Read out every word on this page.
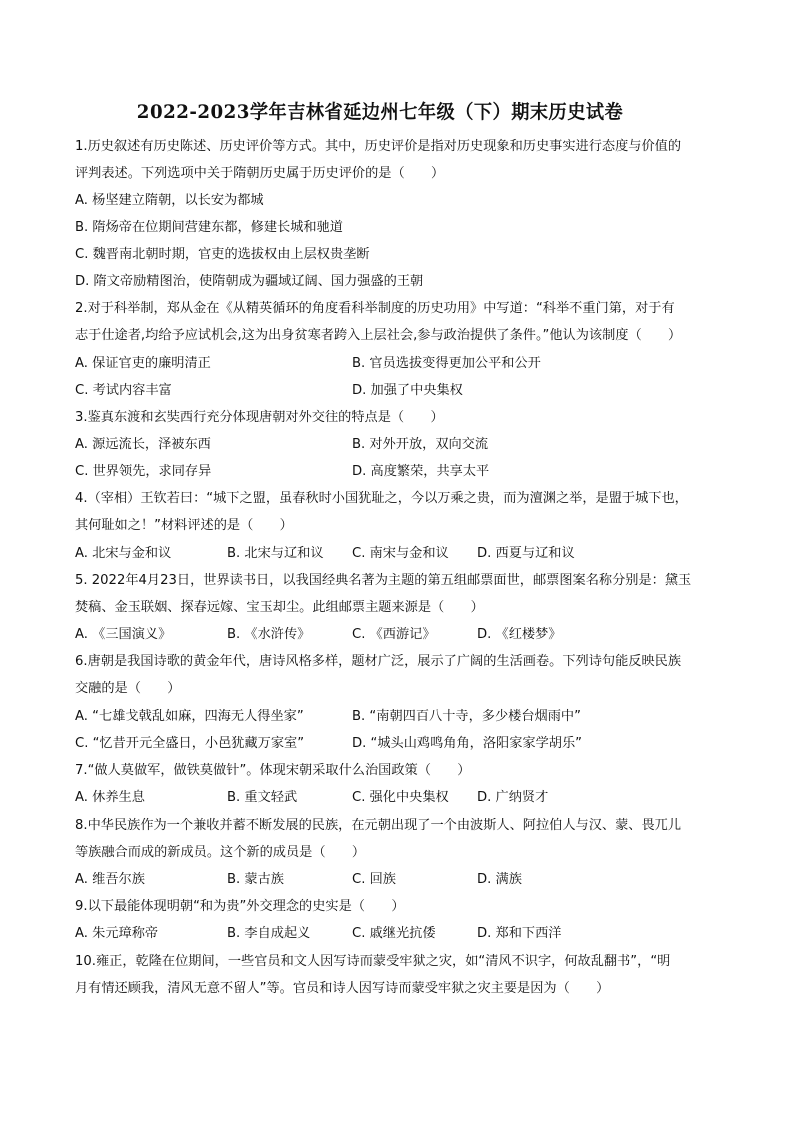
2022-2023学年吉林省延边州七年级（下）期末历史试卷
1.历史叙述有历史陈述、历史评价等方式。其中，历史评价是指对历史现象和历史事实进行态度与价值的
评判表述。下列选项中关于隋朝历史属于历史评价的是（　　）
A. 杨坚建立隋朝，以长安为都城
B. 隋炀帝在位期间营建东都，修建长城和驰道
C. 魏晋南北朝时期，官吏的选拔权由上层权贵垄断
D. 隋文帝励精图治，使隋朝成为疆域辽阔、国力强盛的王朝
2.对于科举制，郑从金在《从精英循环的角度看科举制度的历史功用》中写道：“科举不重门第，对于有
志于仕途者,均给予应试机会,这为出身贫寒者跨入上层社会,参与政治提供了条件。”他认为该制度（　　）
A. 保证官吏的廉明清正	B. 官员选拔变得更加公平和公开
C. 考试内容丰富	D. 加强了中央集权
3.鉴真东渡和玄奘西行充分体现唐朝对外交往的特点是（　　）
A. 源远流长，泽被东西	B. 对外开放，双向交流
C. 世界领先，求同存异	D. 高度繁荣，共享太平
4.（宰相）王钦若曰：“城下之盟，虽春秋时小国犹耻之，今以万乘之贵，而为澶渊之举，是盟于城下也，
其何耻如之！”材料评述的是（　　）
A. 北宋与金和议	B. 北宋与辽和议 C. 南宋与金和议 D. 西夏与辽和议
5. 2022年4月23日，世界读书日，以我国经典名著为主题的第五组邮票面世，邮票图案名称分别是：黛玉
焚稿、金玉联姻、探春远嫁、宝玉却尘。此组邮票主题来源是（　　）
A. 《三国演义》	B. 《水浒传》	C. 《西游记》	D. 《红楼梦》
6.唐朝是我国诗歌的黄金年代，唐诗风格多样，题材广泛，展示了广阔的生活画卷。下列诗句能反映民族
交融的是（　　）
A. “七雄戈戟乱如麻，四海无人得坐家”	B. “南朝四百八十寺，多少楼台烟雨中”
C. “忆昔开元全盛日，小邑犹藏万家室”	D. “城头山鸡鸣角角，洛阳家家学胡乐”
7.“做人莫做军，做铁莫做针”。体现宋朝采取什么治国政策（　　）
A. 休养生息	B. 重文轻武	C. 强化中央集权 D. 广纳贤才
8.中华民族作为一个兼收并蓄不断发展的民族，在元朝出现了一个由波斯人、阿拉伯人与汉、蒙、畏兀儿
等族融合而成的新成员。这个新的成员是（　　）
A. 维吾尔族	B. 蒙古族	C. 回族	D. 满族
9.以下最能体现明朝“和为贵”外交理念的史实是（　　）
A. 朱元璋称帝	B. 李自成起义	C. 戚继光抗倭	D. 郑和下西洋
10.雍正，乾隆在位期间，一些官员和文人因写诗而蒙受牢狱之灾，如“清风不识字，何故乱翻书”，“明
月有情还顾我，清风无意不留人”等。官员和诗人因写诗而蒙受牢狱之灾主要是因为（　　）
